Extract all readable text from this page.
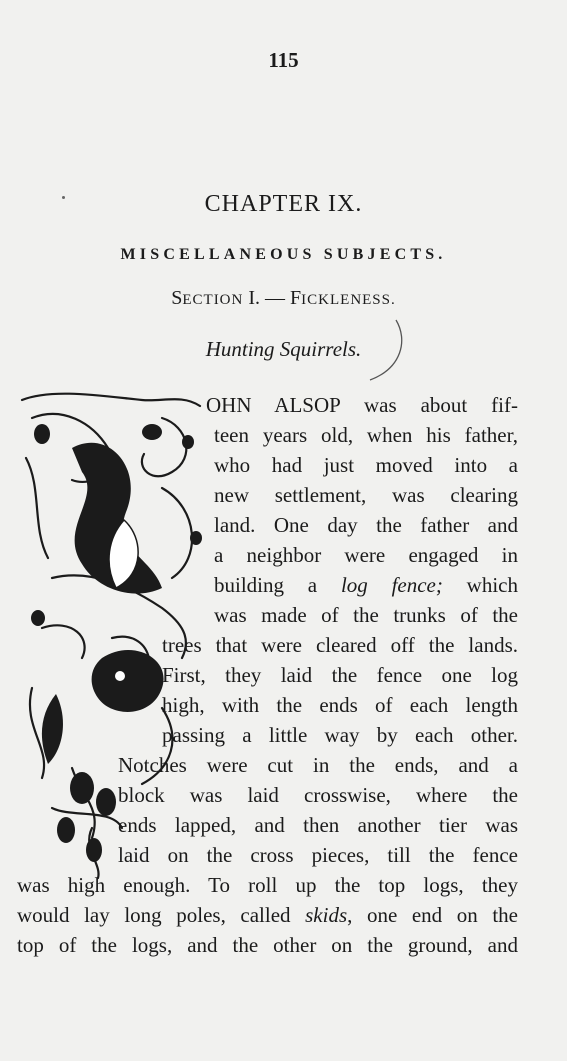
115
CHAPTER IX.
MISCELLANEOUS SUBJECTS.
SECTION I. — FICKLENESS.
Hunting Squirrels.
OHN ALSOP was about fif-
teen years old, when his father,
who had just moved into a
new settlement, was clearing
land. One day the father and
a neighbor were engaged in
building a log fence; which
was made of the trunks of the
trees that were cleared off the lands.
First, they laid the fence one log
high, with the ends of each length
passing a little way by each other.
Notches were cut in the ends, and a
block was laid crosswise, where the
ends lapped, and then another tier was
laid on the cross pieces, till the fence
was high enough. To roll up the top logs, they
would lay long poles, called skids, one end on the
top of the logs, and the other on the ground, and
